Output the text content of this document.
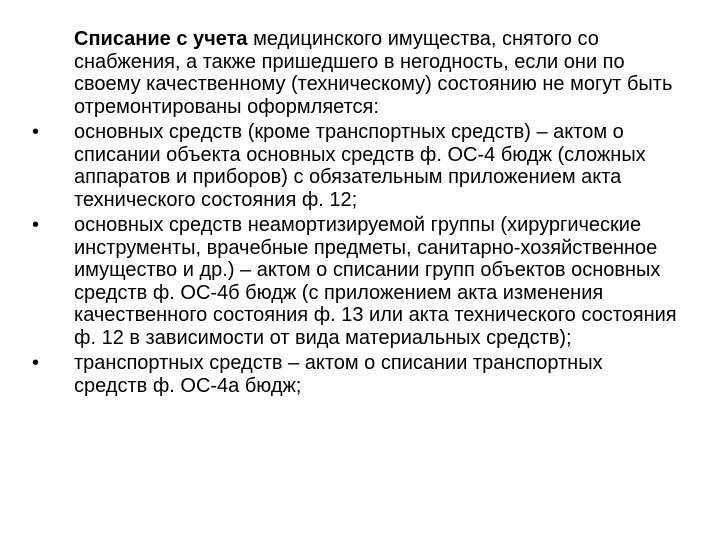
Списание с учета медицинского имущества, снятого со снабжения, а также пришедшего в негодность, если они по своему качественному (техническому) состоянию не могут быть отремонтированы оформляется:

• основных средств (кроме транспортных средств) – актом о списании объекта основных средств ф. ОС-4 бюдж (сложных аппаратов и приборов) с обязательным приложением акта технического состояния ф. 12;
• основных средств неамортизируемой группы (хирургические инструменты, врачебные предметы, санитарно-хозяйственное имущество и др.) – актом о списании групп объектов основных средств ф. ОС-4б бюдж (с приложением акта изменения качественного состояния ф. 13 или акта технического состояния ф. 12 в зависимости от вида материальных средств);
• транспортных средств – актом о списании транспортных средств ф. ОС-4а бюдж;
